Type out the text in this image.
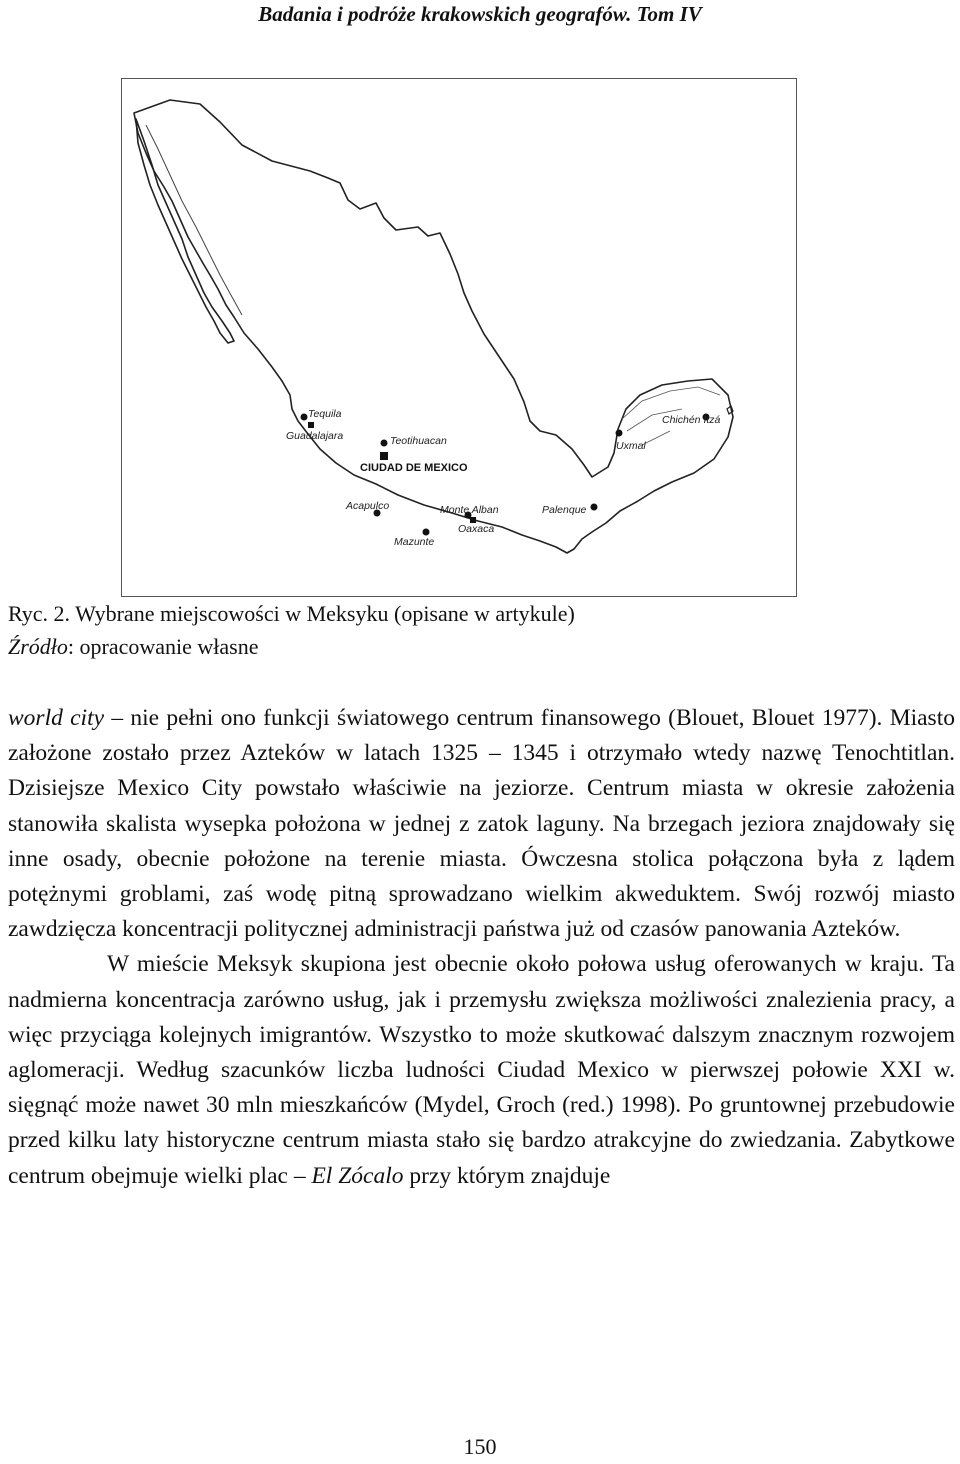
Badania i podróże krakowskich geografów. Tom IV
Tequila
Guadalajara	Teotihuacan
CIUDAD DE MEXICO
Chichén Itzá
Uxmal
Acapulco	Monte Alban	Palenque
Oaxaca
Mazunte
Ryc. 2. Wybrane miejscowości w Meksyku (opisane w artykule)
Źródło: opracowanie własne

world city – nie pełni ono funkcji światowego centrum finansowego (Blouet, Blouet 1977). Miasto założone zostało przez Azteków w latach 1325 – 1345 i otrzymało wtedy nazwę Tenochtitlan. Dzisiejsze Mexico City powstało właściwie na jeziorze. Centrum miasta w okresie założenia stanowiła skalista wysepka położona w jednej z zatok laguny. Na brzegach jeziora znajdowały się inne osady, obecnie położone na terenie miasta. Ówczesna stolica połączona była z lądem potężnymi groblami, zaś wodę pitną sprowadzano wielkim akweduktem. Swój rozwój miasto zawdzięcza koncentracji politycznej administracji państwa już od czasów panowania Azteków.

W mieście Meksyk skupiona jest obecnie około połowa usług oferowanych w kraju. Ta nadmierna koncentracja zarówno usług, jak i przemysłu zwiększa możliwości znalezienia pracy, a więc przyciąga kolejnych imigrantów. Wszystko to może skutkować dalszym znacznym rozwojem aglomeracji. Według szacunków liczba ludności Ciudad Mexico w pierwszej połowie XXI w. sięgnąć może nawet 30 mln mieszkańców (Mydel, Groch (red.) 1998). Po gruntownej przebudowie przed kilku laty historyczne centrum miasta stało się bardzo atrakcyjne do zwiedzania. Zabytkowe centrum obejmuje wielki plac – El Zócalo przy którym znajduje

150
